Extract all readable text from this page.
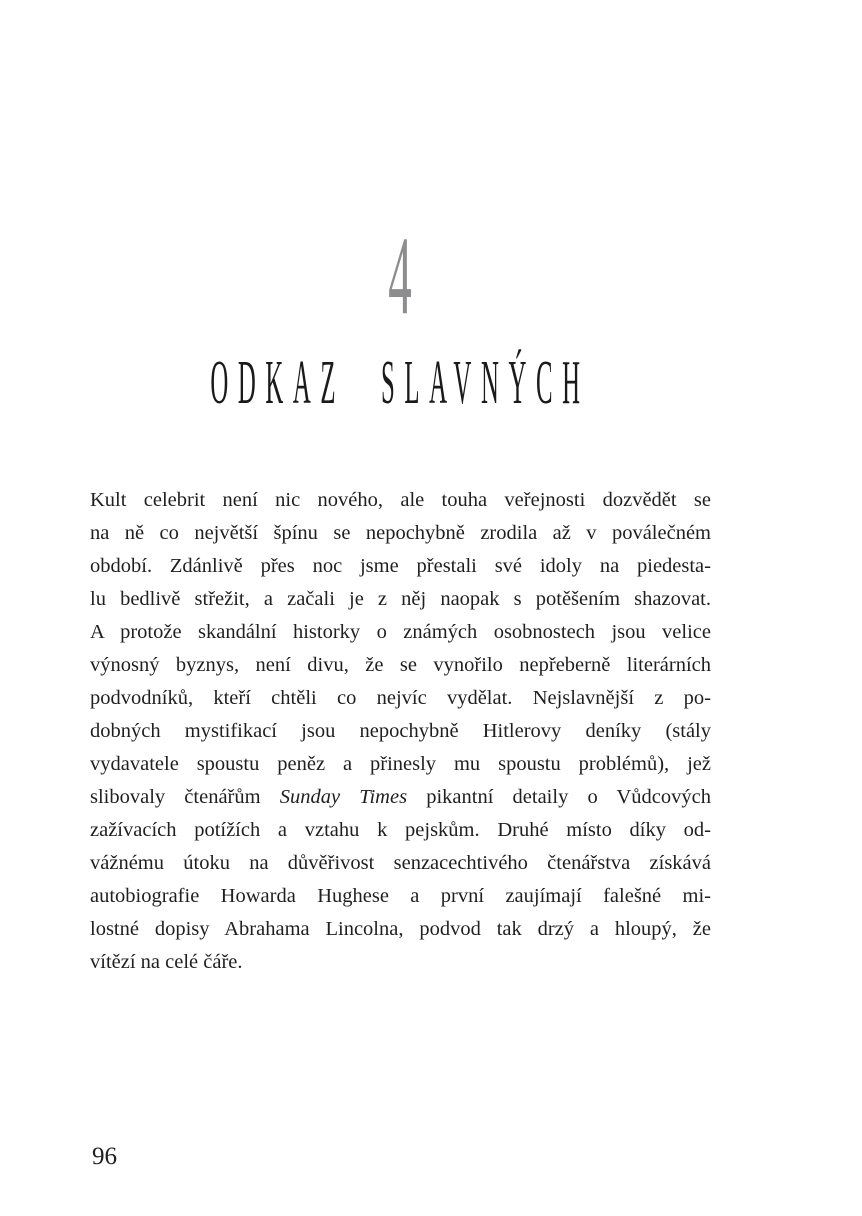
4
ODKAZ SLAVNÝCH
Kult celebrit není nic nového, ale touha veřejnosti dozvědět se
na ně co největší špínu se nepochybně zrodila až v poválečném
období. Zdánlivě přes noc jsme přestali své idoly na piedesta-
lu bedlivě střežit, a začali je z něj naopak s potěšením shazovat.
A protože skandální historky o známých osobnostech jsou velice
výnosný byznys, není divu, že se vynořilo nepřeberně literárních
podvodníků, kteří chtěli co nejvíc vydělat. Nejslavnější z po-
dobných mystifikací jsou nepochybně Hitlerovy deníky (stály
vydavatele spoustu peněz a přinesly mu spoustu problémů), jež
slibovaly čtenářům Sunday Times pikantní detaily o Vůdcových
zažívacích potížích a vztahu k pejskům. Druhé místo díky od-
vážnému útoku na důvěřivost senzacechtivého čtenářstva získává
autobiografie Howarda Hughese a první zaujímají falešné mi-
lostné dopisy Abrahama Lincolna, podvod tak drzý a hloupý, že
vítězí na celé čáře.
96
